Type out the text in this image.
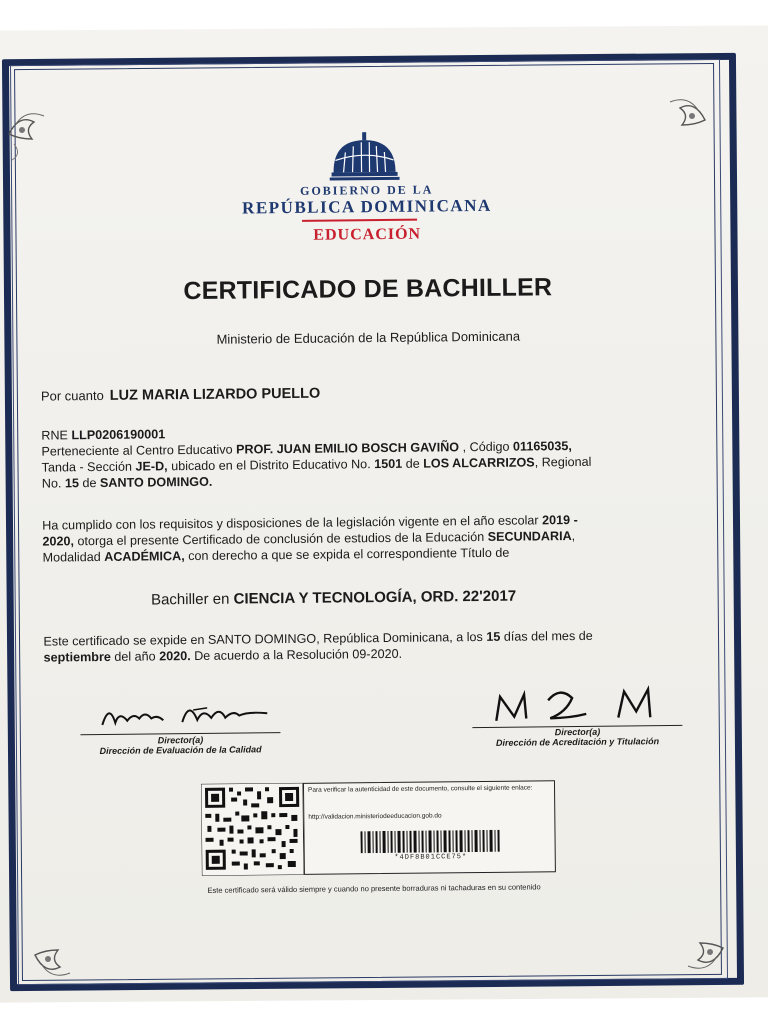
GOBIERNO DE LA
REPÚBLICA DOMINICANA
EDUCACIÓN
CERTIFICADO DE BACHILLER
Ministerio de Educación de la República Dominicana
Por cuanto LUZ MARIA LIZARDO PUELLO
RNE LLP0206190001
Perteneciente al Centro Educativo PROF. JUAN EMILIO BOSCH GAVIÑO , Código 01165035,
Tanda - Sección JE-D, ubicado en el Distrito Educativo No. 1501 de LOS ALCARRIZOS, Regional
No. 15 de SANTO DOMINGO.
Ha cumplido con los requisitos y disposiciones de la legislación vigente en el año escolar 2019 -
2020, otorga el presente Certificado de conclusión de estudios de la Educación SECUNDARIA,
Modalidad ACADÉMICA, con derecho a que se expida el correspondiente Título de
Bachiller en CIENCIA Y TECNOLOGÍA, ORD. 22'2017
Este certificado se expide en SANTO DOMINGO, República Dominicana, a los 15 días del mes de
septiembre del año 2020. De acuerdo a la Resolución 09-2020.
Director(a)
Dirección de Evaluación de la Calidad
Director(a)
Dirección de Acreditación y Titulación
Para verificar la autenticidad de este documento, consulte el siguiente enlace:
http://validacion.ministeriodeeducacion.gob.do
*4DF8B01CCE75*
Este certificado será válido siempre y cuando no presente borraduras ni tachaduras en su contenido
